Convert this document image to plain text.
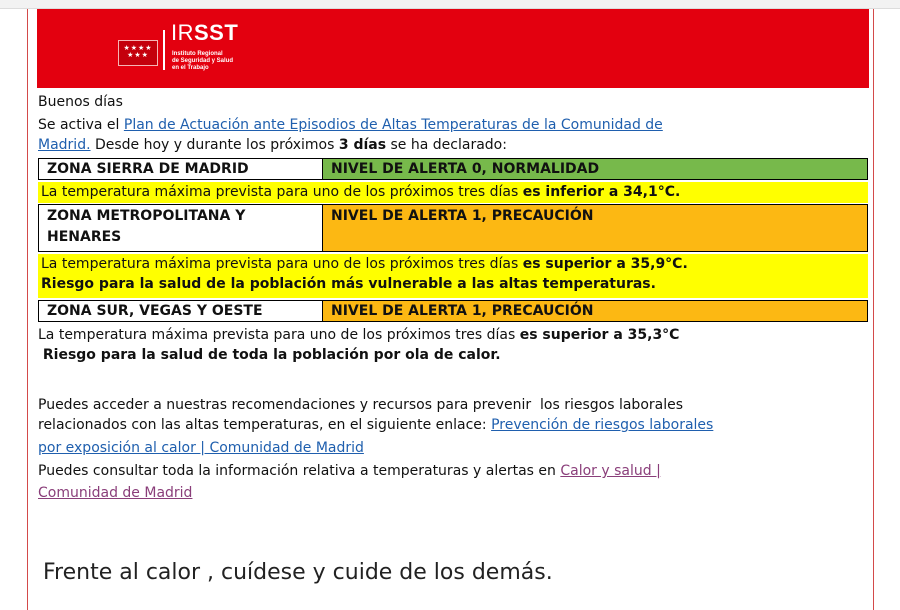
★★★★ ★★★
IRSST
Instituto Regional
de Seguridad y Salud
en el Trabajo
Buenos días
Se activa el Plan de Actuación ante Episodios de Altas Temperaturas de la Comunidad de
Madrid. Desde hoy y durante los próximos 3 días se ha declarado:
ZONA SIERRA DE MADRID	NIVEL DE ALERTA 0, NORMALIDAD
La temperatura máxima prevista para uno de los próximos tres días es inferior a 34,1°C.
ZONA METROPOLITANA Y
HENARES
NIVEL DE ALERTA 1, PRECAUCIÓN
La temperatura máxima prevista para uno de los próximos tres días es superior a 35,9°C.
Riesgo para la salud de la población más vulnerable a las altas temperaturas.
ZONA SUR, VEGAS Y OESTE	NIVEL DE ALERTA 1, PRECAUCIÓN
La temperatura máxima prevista para uno de los próximos tres días es superior a 35,3°C
Riesgo para la salud de toda la población por ola de calor.
Puedes acceder a nuestras recomendaciones y recursos para prevenir  los riesgos laborales
relacionados con las altas temperaturas, en el siguiente enlace: Prevención de riesgos laborales
por exposición al calor | Comunidad de Madrid
Puedes consultar toda la información relativa a temperaturas y alertas en Calor y salud |
Comunidad de Madrid
Frente al calor , cuídese y cuide de los demás.
